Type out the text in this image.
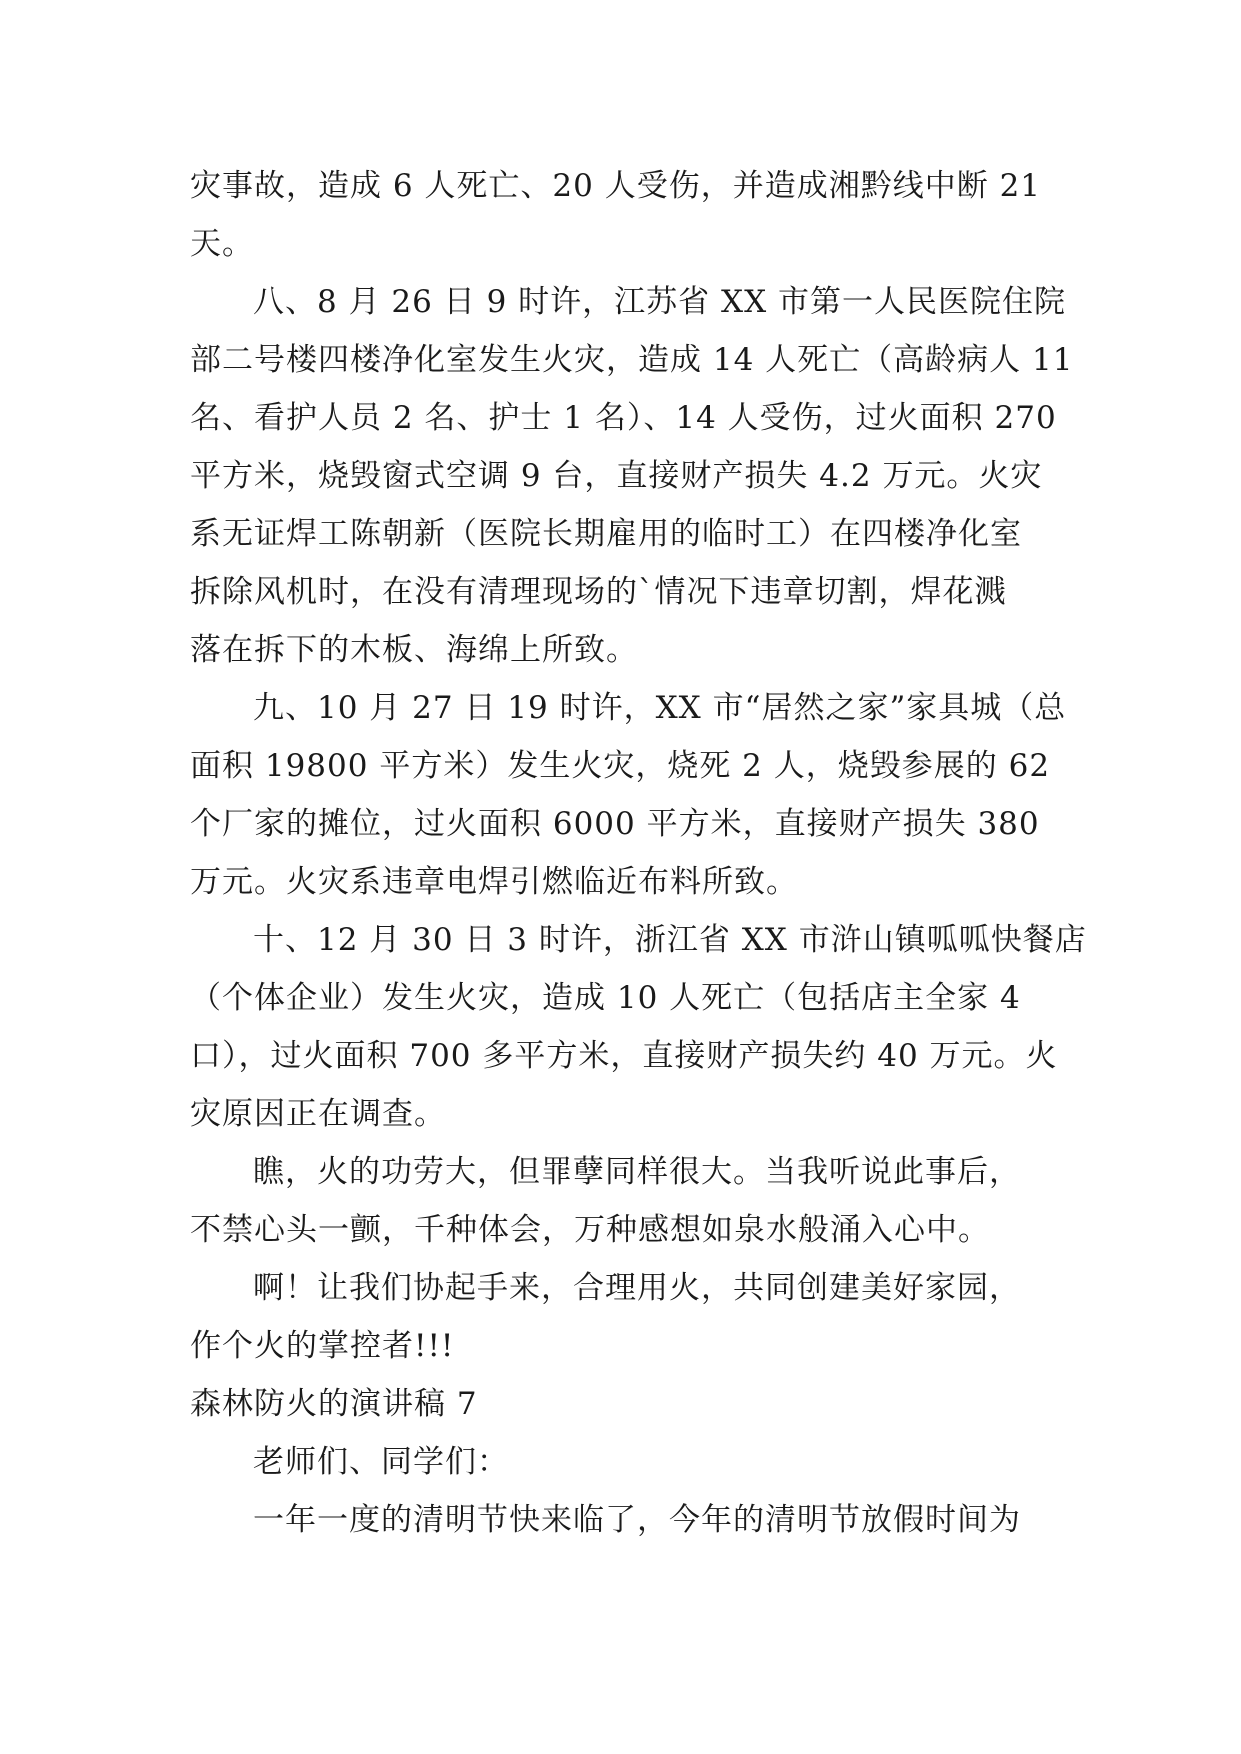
灾事故，造成 6 人死亡、20 人受伤，并造成湘黔线中断 21
天。
八、8 月 26 日 9 时许，江苏省 XX 市第一人民医院住院
部二号楼四楼净化室发生火灾，造成 14 人死亡（高龄病人 11
名、看护人员 2 名、护士 1 名）、14 人受伤，过火面积 270
平方米，烧毁窗式空调 9 台，直接财产损失 4.2 万元。火灾
系无证焊工陈朝新（医院长期雇用的临时工）在四楼净化室
拆除风机时，在没有清理现场的`情况下违章切割，焊花溅
落在拆下的木板、海绵上所致。
九、10 月 27 日 19 时许，XX 市“居然之家”家具城（总
面积 19800 平方米）发生火灾，烧死 2 人，烧毁参展的 62
个厂家的摊位，过火面积 6000 平方米，直接财产损失 380
万元。火灾系违章电焊引燃临近布料所致。
十、12 月 30 日 3 时许，浙江省 XX 市浒山镇呱呱快餐店
（个体企业）发生火灾，造成 10 人死亡（包括店主全家 4
口），过火面积 700 多平方米，直接财产损失约 40 万元。火
灾原因正在调查。
瞧，火的功劳大，但罪孽同样很大。当我听说此事后，
不禁心头一颤，千种体会，万种感想如泉水般涌入心中。
啊！让我们协起手来，合理用火，共同创建美好家园，
作个火的掌控者!!!
森林防火的演讲稿 7
老师们、同学们：
一年一度的清明节快来临了，今年的清明节放假时间为
